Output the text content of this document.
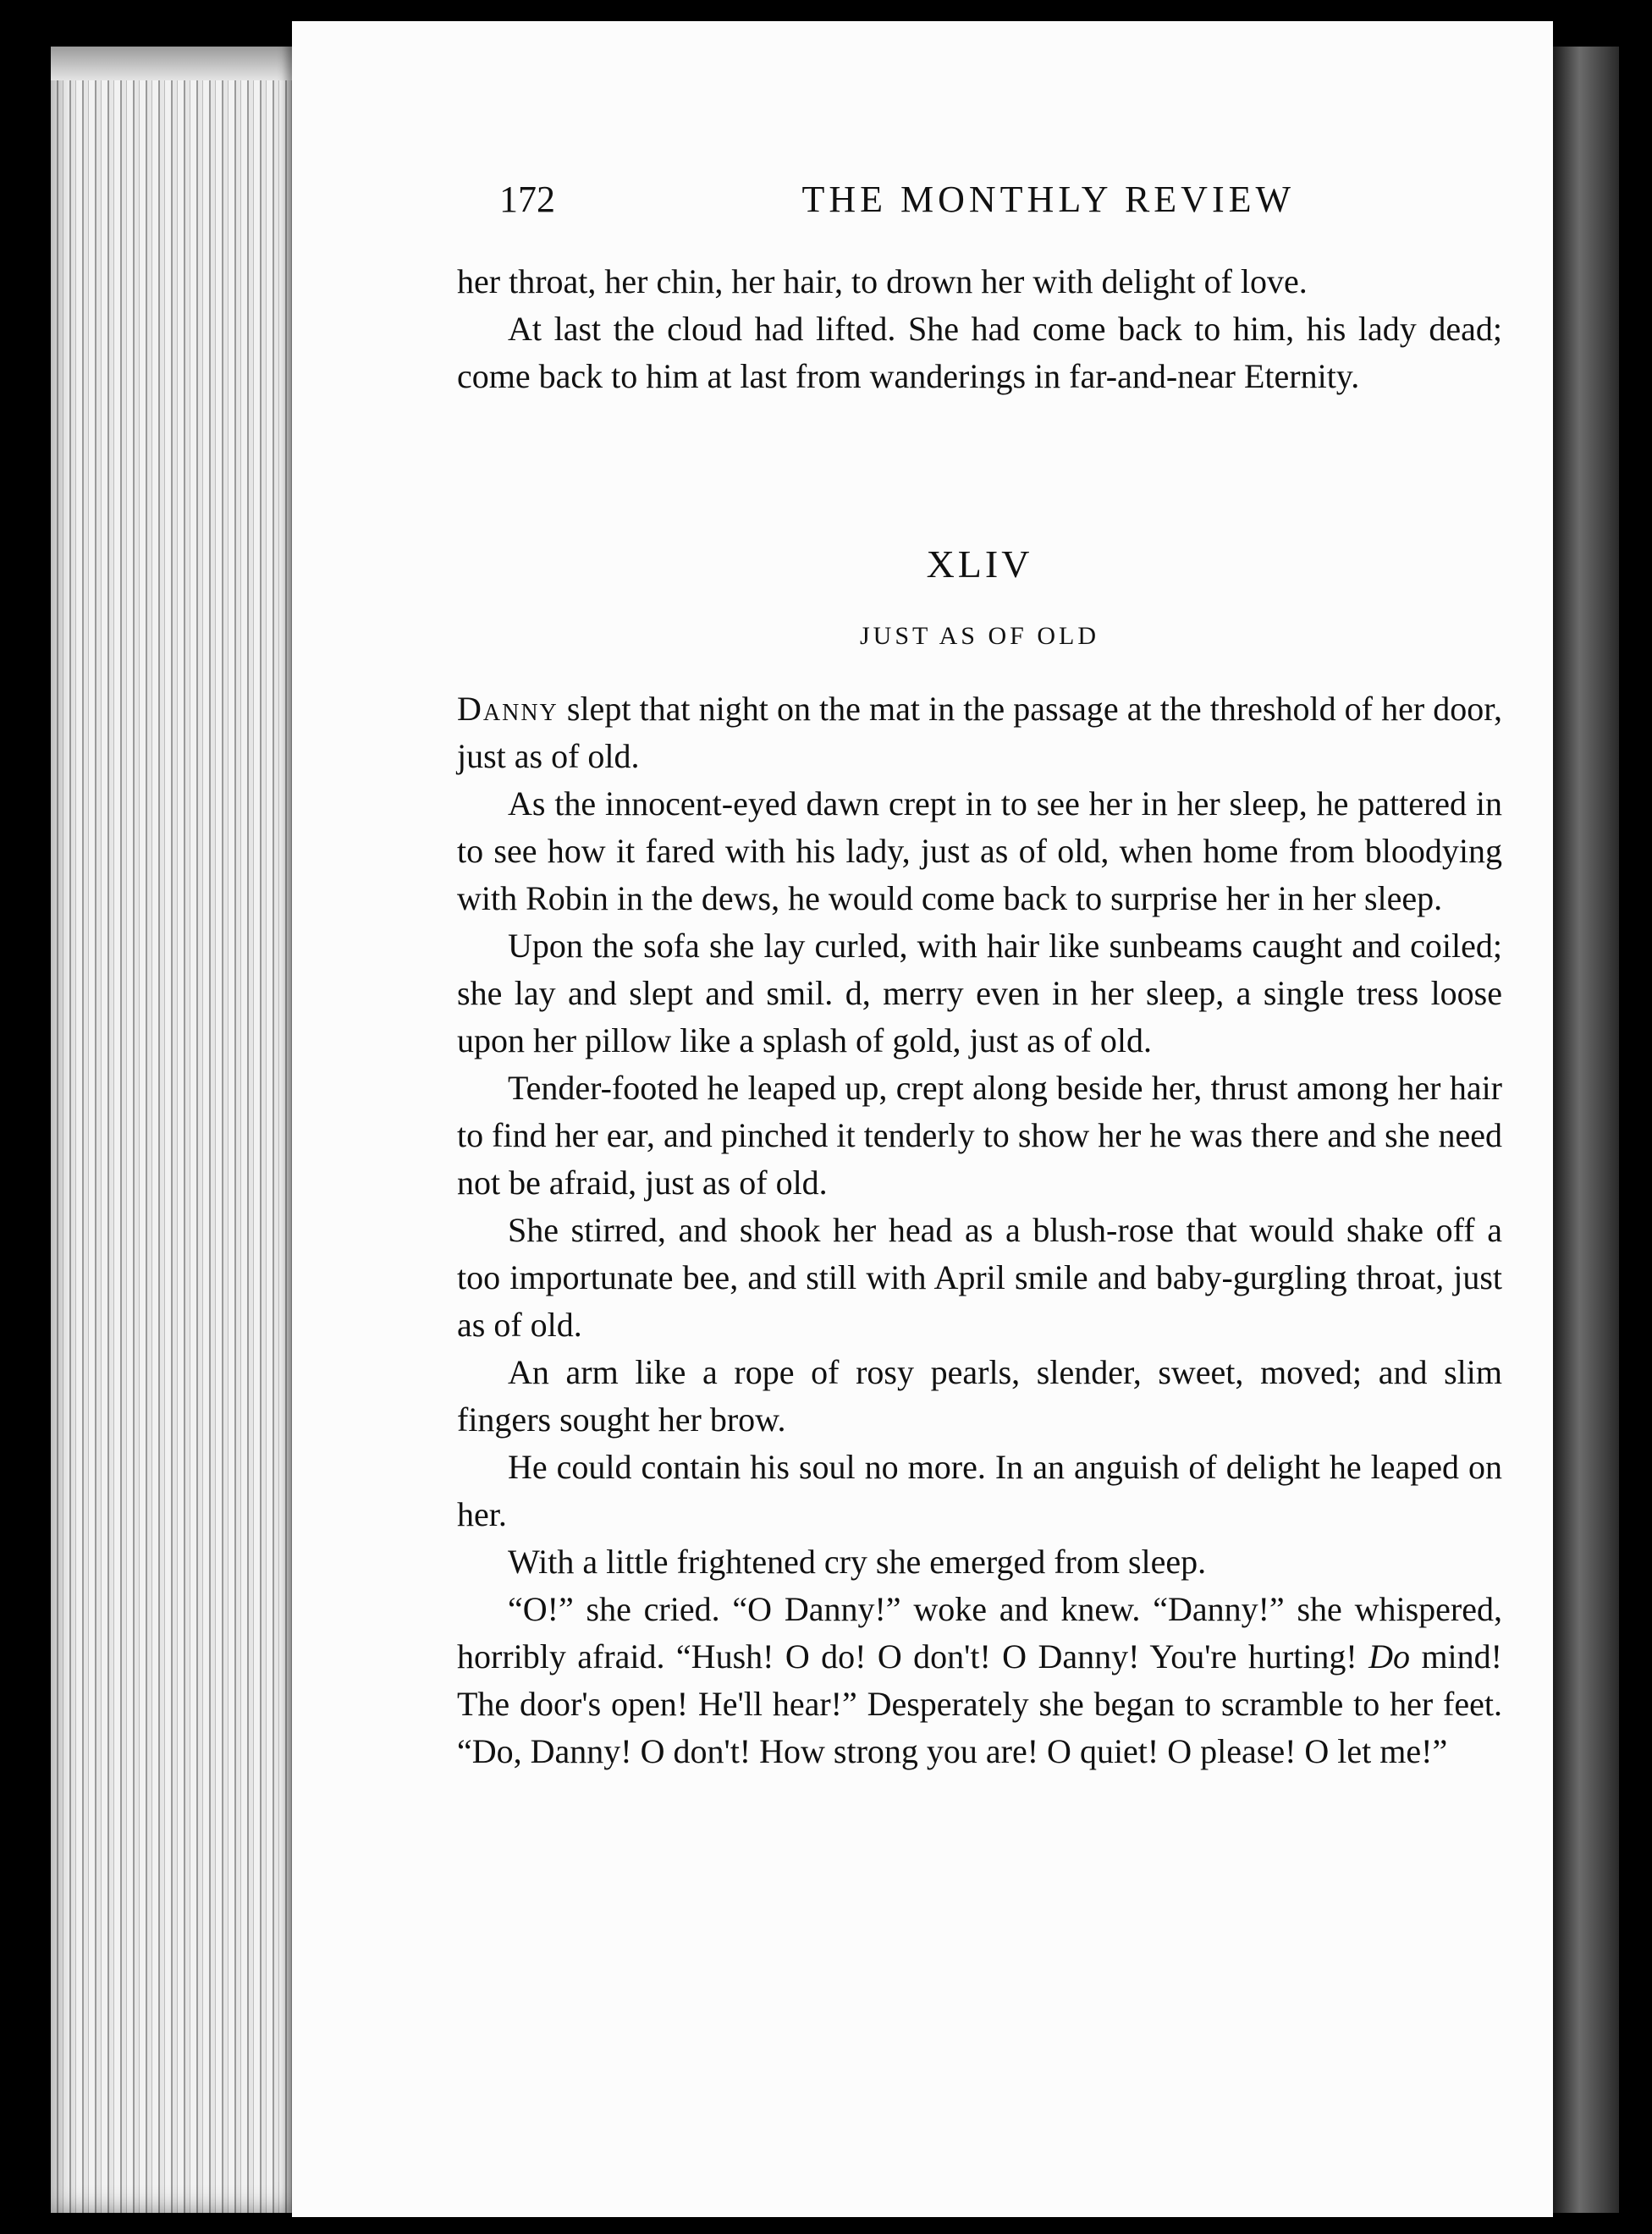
172	THE MONTHLY REVIEW

her throat, her chin, her hair, to drown her with delight of love.

At last the cloud had lifted. She had come back to him, his lady dead; come back to him at last from wanderings in far-and-near Eternity.

XLIV
JUST AS OF OLD

Danny slept that night on the mat in the passage at the threshold of her door, just as of old.

As the innocent-eyed dawn crept in to see her in her sleep, he pattered in to see how it fared with his lady, just as of old, when home from bloodying with Robin in the dews, he would come back to surprise her in her sleep.

Upon the sofa she lay curled, with hair like sunbeams caught and coiled; she lay and slept and smil. d, merry even in her sleep, a single tress loose upon her pillow like a splash of gold, just as of old.

Tender-footed he leaped up, crept along beside her, thrust among her hair to find her ear, and pinched it tenderly to show her he was there and she need not be afraid, just as of old.

She stirred, and shook her head as a blush-rose that would shake off a too importunate bee, and still with April smile and baby-gurgling throat, just as of old.

An arm like a rope of rosy pearls, slender, sweet, moved; and slim fingers sought her brow.

He could contain his soul no more. In an anguish of delight he leaped on her.

With a little frightened cry she emerged from sleep.

“O!” she cried. “O Danny!” woke and knew. “Danny!” she whispered, horribly afraid. “Hush! O do! O don't! O Danny! You're hurting! Do mind! The door's open! He'll hear!” Desperately she began to scramble to her feet. “Do, Danny! O don't! How strong you are! O quiet! O please! O let me!”
